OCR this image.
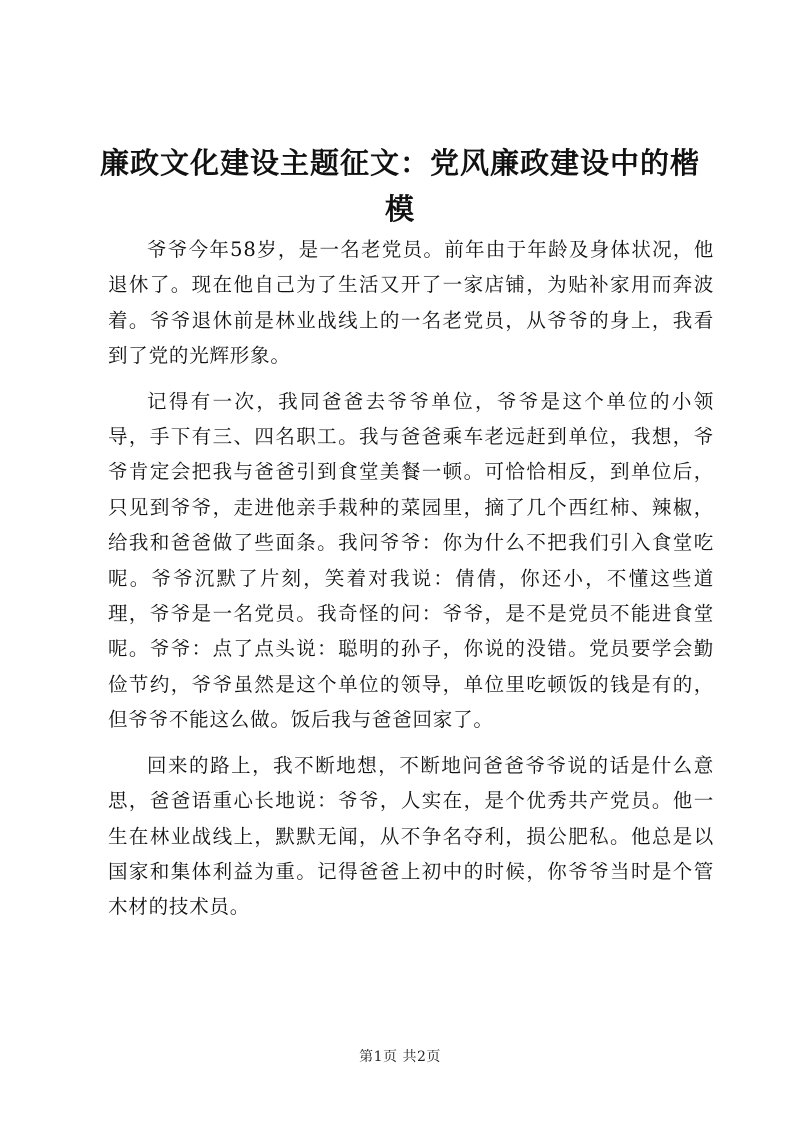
廉政文化建设主题征文：党风廉政建设中的楷模

爷爷今年58岁，是一名老党员。前年由于年龄及身体状况，他退休了。现在他自己为了生活又开了一家店铺，为贴补家用而奔波着。爷爷退休前是林业战线上的一名老党员，从爷爷的身上，我看到了党的光辉形象。

记得有一次，我同爸爸去爷爷单位，爷爷是这个单位的小领导，手下有三、四名职工。我与爸爸乘车老远赶到单位，我想，爷爷肯定会把我与爸爸引到食堂美餐一顿。可恰恰相反，到单位后，只见到爷爷，走进他亲手栽种的菜园里，摘了几个西红柿、辣椒，给我和爸爸做了些面条。我问爷爷：你为什么不把我们引入食堂吃呢。爷爷沉默了片刻，笑着对我说：倩倩，你还小，不懂这些道理，爷爷是一名党员。我奇怪的问：爷爷，是不是党员不能进食堂呢。爷爷：点了点头说：聪明的孙子，你说的没错。党员要学会勤俭节约，爷爷虽然是这个单位的领导，单位里吃顿饭的钱是有的，但爷爷不能这么做。饭后我与爸爸回家了。

回来的路上，我不断地想，不断地问爸爸爷爷说的话是什么意思，爸爸语重心长地说：爷爷，人实在，是个优秀共产党员。他一生在林业战线上，默默无闻，从不争名夺利，损公肥私。他总是以国家和集体利益为重。记得爸爸上初中的时候，你爷爷当时是个管木材的技术员。

第1页 共2页
